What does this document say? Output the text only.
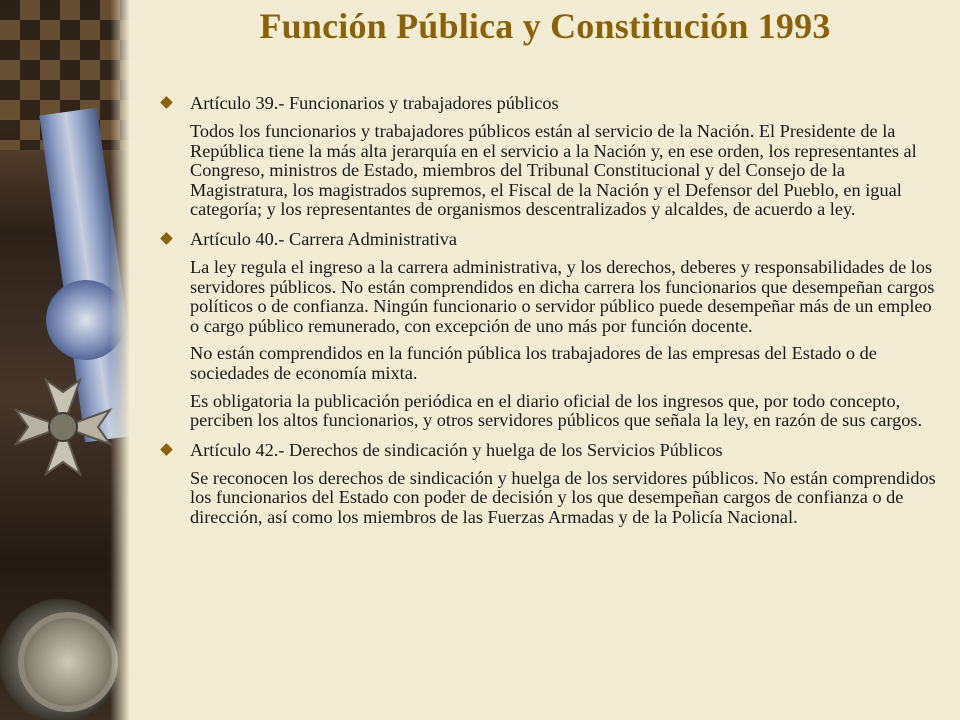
Función Pública y Constitución 1993
Artículo 39.- Funcionarios y trabajadores públicos

Todos los funcionarios y trabajadores públicos están al servicio de la Nación. El Presidente de la República tiene la más alta jerarquía en el servicio a la Nación y, en ese orden, los representantes al Congreso, ministros de Estado, miembros del Tribunal Constitucional y del Consejo de la Magistratura, los magistrados supremos, el Fiscal de la Nación y el Defensor del Pueblo, en igual categoría; y los representantes de organismos descentralizados y alcaldes, de acuerdo a ley.

Artículo 40.- Carrera Administrativa

La ley regula el ingreso a la carrera administrativa, y los derechos, deberes y responsabilidades de los servidores públicos. No están comprendidos en dicha carrera los funcionarios que desempeñan cargos políticos o de confianza. Ningún funcionario o servidor público puede desempeñar más de un empleo o cargo público remunerado, con excepción de uno más por función docente.

No están comprendidos en la función pública los trabajadores de las empresas del Estado o de sociedades de economía mixta.

Es obligatoria la publicación periódica en el diario oficial de los ingresos que, por todo concepto, perciben los altos funcionarios, y otros servidores públicos que señala la ley, en razón de sus cargos.

Artículo 42.- Derechos de sindicación y huelga de los Servicios Públicos

Se reconocen los derechos de sindicación y huelga de los servidores públicos. No están comprendidos los funcionarios del Estado con poder de decisión y los que desempeñan cargos de confianza o de dirección, así como los miembros de las Fuerzas Armadas y de la Policía Nacional.
